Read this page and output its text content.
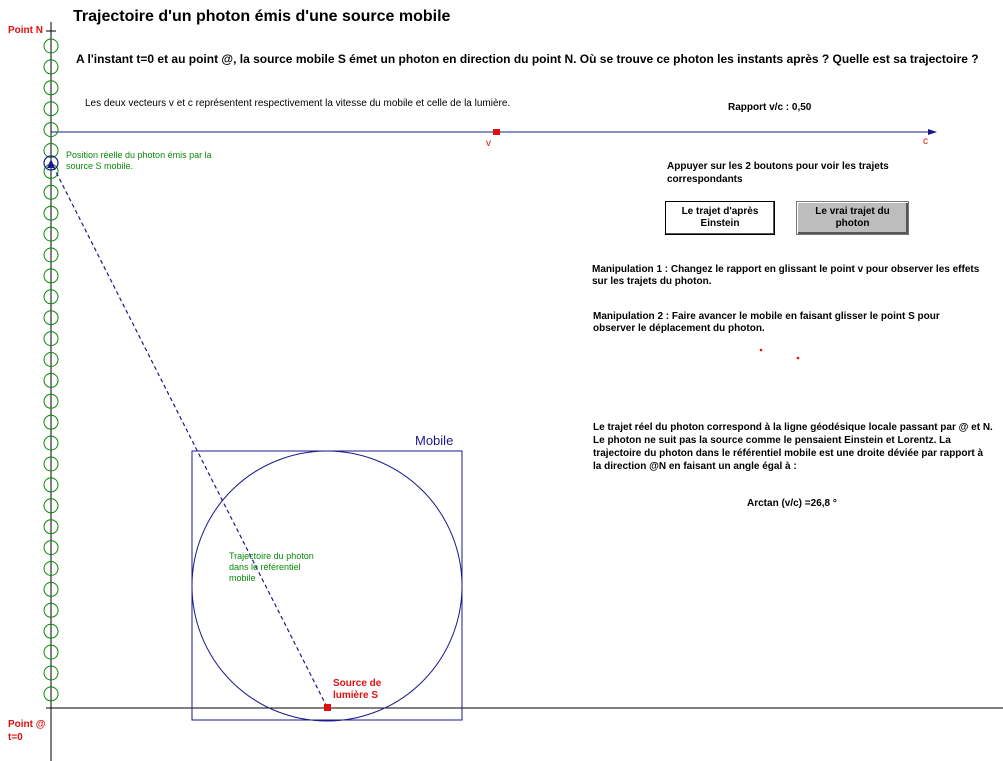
Trajectoire d'un photon émis d'une source mobile
A l'instant t=0 et au point @, la source mobile S émet un photon en direction du point N. Où se trouve ce photon les instants après ? Quelle est sa trajectoire ?
Les deux vecteurs v et c représentent respectivement la vitesse du mobile et celle de la lumière.	Rapport v/c : 0,50
Point N
Point @
t=0
v	c
Position réelle du photon émis par la source S mobile.	Appuyer sur les 2 boutons pour voir les trajets correspondants
Le trajet d'après Einstein
Le vrai trajet du photon
Manipulation 1 : Changez le rapport en glissant le point v pour observer les effets sur les trajets du photon.
Manipulation 2 : Faire avancer le mobile en faisant glisser le point S pour observer le déplacement du photon.
Le trajet réel du photon correspond à la ligne géodésique locale passant par @ et N. Le photon ne suit pas la source comme le pensaient Einstein et Lorentz. La trajectoire du photon dans le référentiel mobile est une droite déviée par rapport à la direction @N en faisant un angle égal à :
Arctan (v/c) =26,8 °
Mobile
Trajectoire du photon dans le référentiel mobile
Source de
lumière S
